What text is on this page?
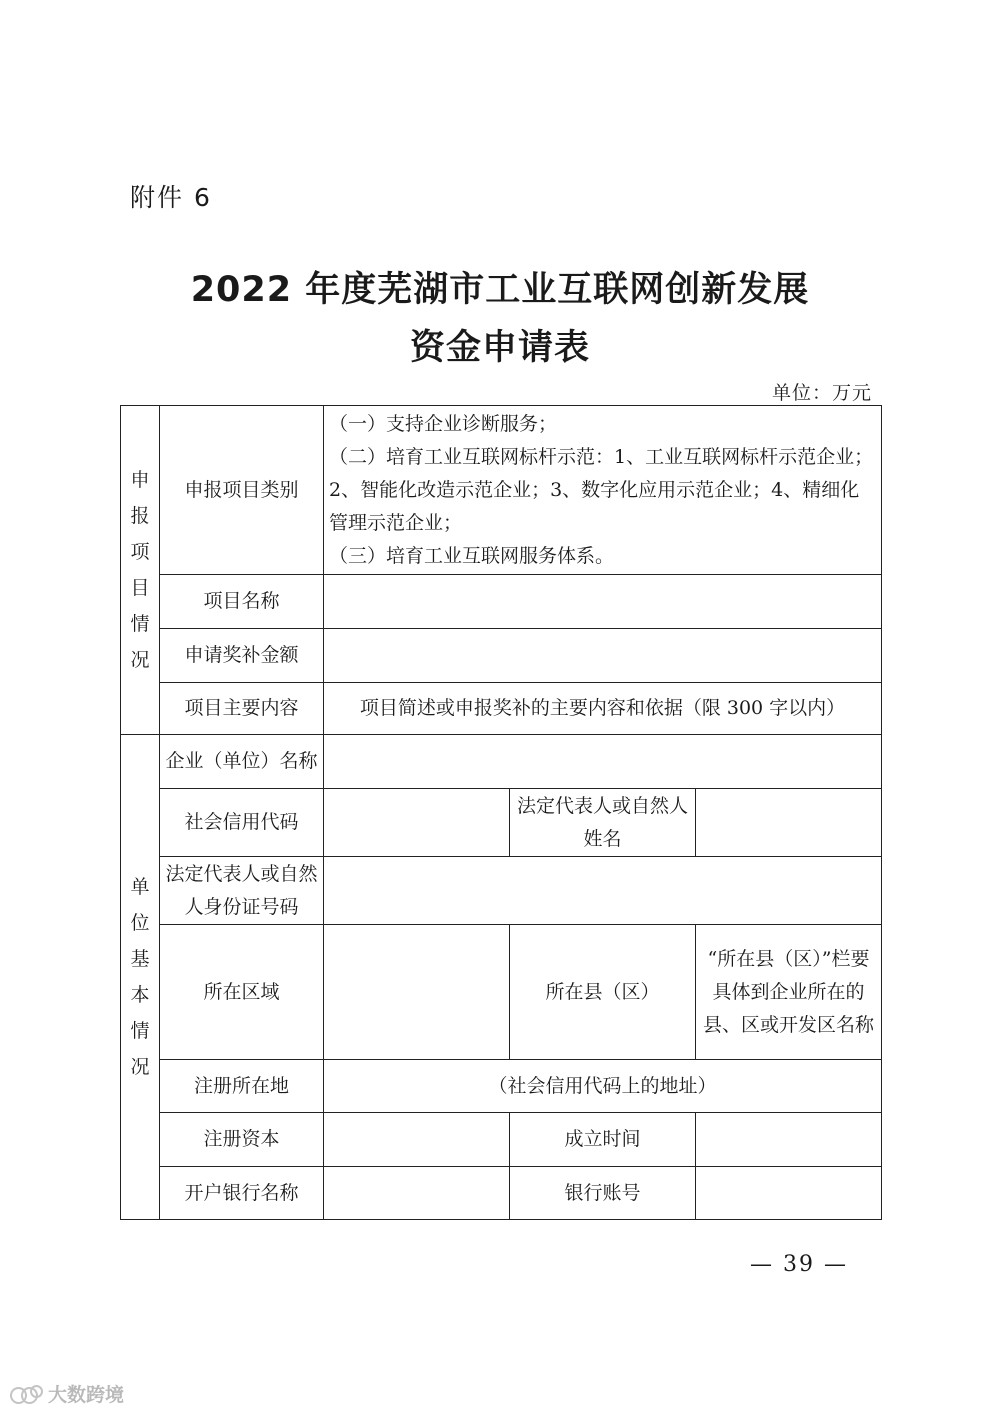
附件 6
2022 年度芜湖市工业互联网创新发展
资金申请表
单位：万元
申报项目情况	申报项目类别	（一）支持企业诊断服务；
（二）培育工业互联网标杆示范：1、工业互联网标杆示范企业；2、智能化改造示范企业；3、数字化应用示范企业；4、精细化管理示范企业；
（三）培育工业互联网服务体系。		

	项目名称			
	申请奖补金额			
	项目主要内容	项目简述或申报奖补的主要内容和依据（限 300 字以内）		
单位基本情况	企业（单位）名称			
	社会信用代码		法定代表人或自然人姓名	
	法定代表人或自然人身份证号码			
	所在区域		所在县（区）	“所在县（区）”栏要具体到企业所在的县、区或开发区名称
	注册所在地	（社会信用代码上的地址）		
	注册资本		成立时间	
	开户银行名称		银行账号	
— 39 —
大数跨境
